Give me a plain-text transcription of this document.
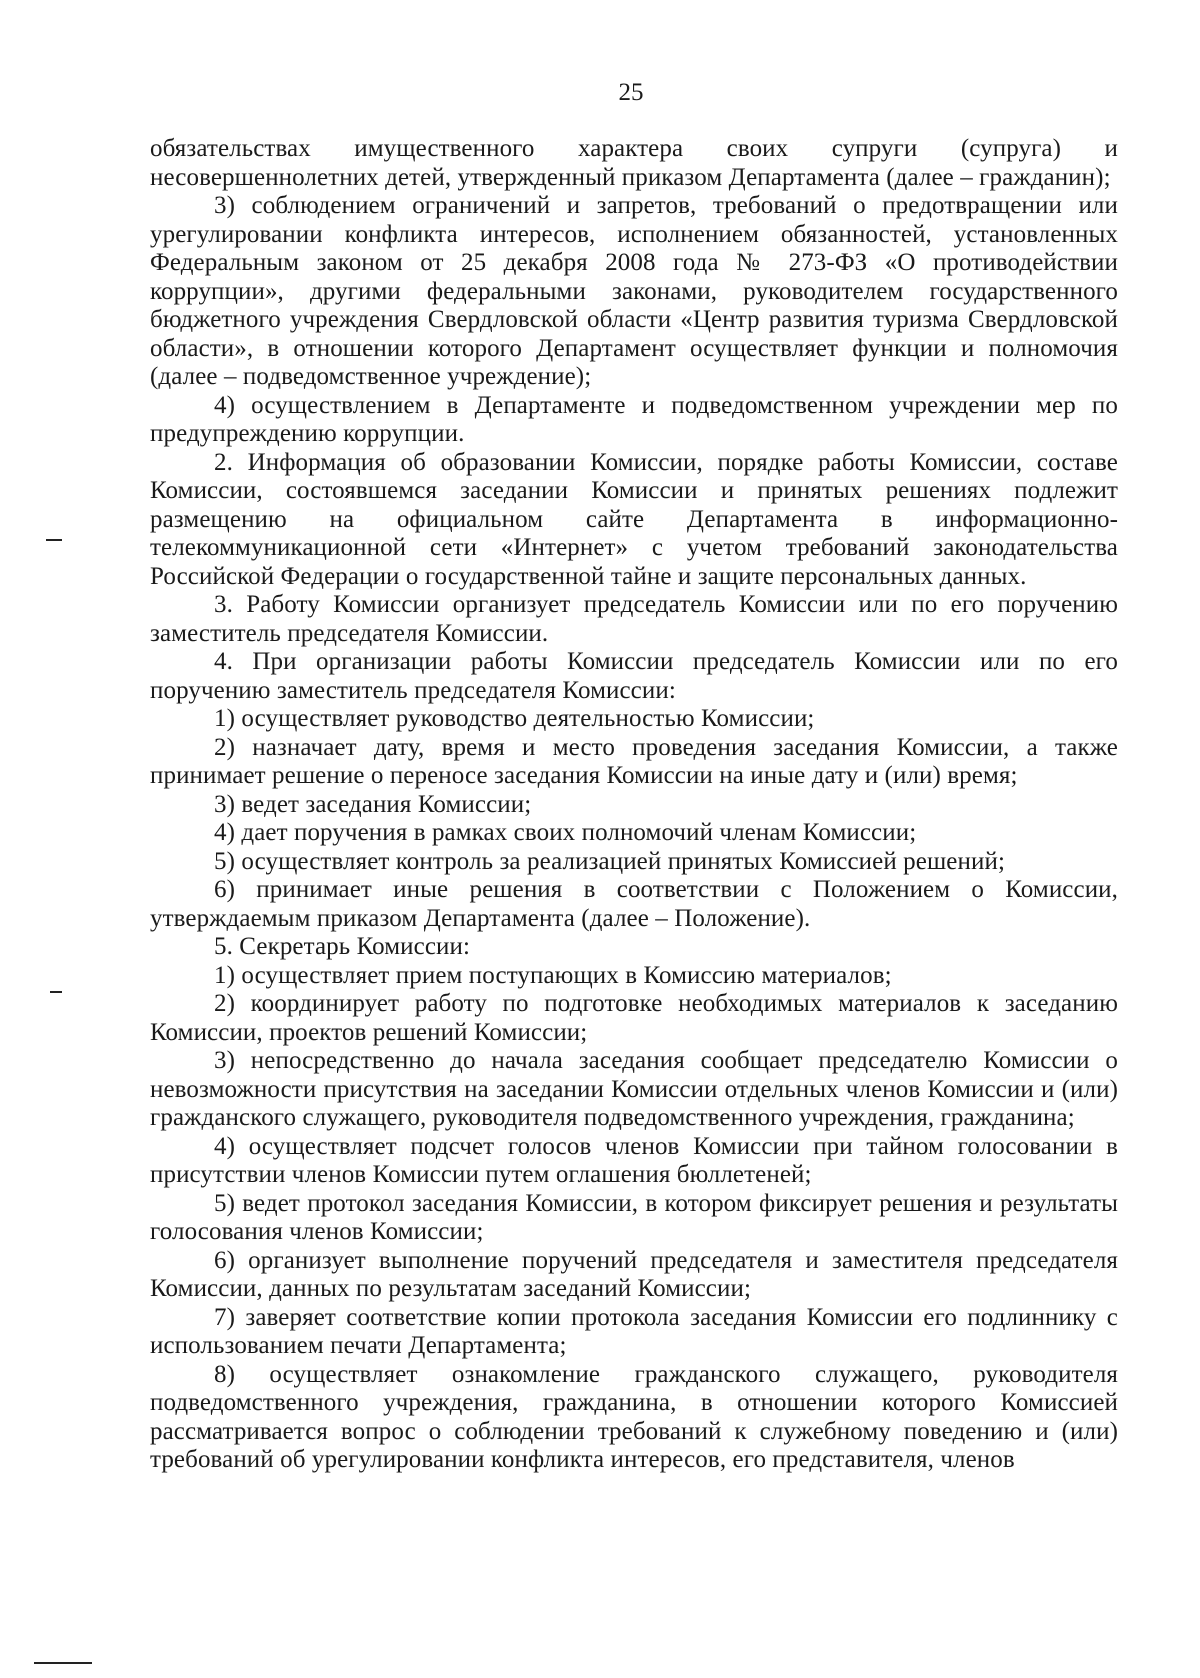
25

обязательствах имущественного характера своих супруги (супруга) и несовершеннолетних детей, утвержденный приказом Департамента (далее – гражданин);

3) соблюдением ограничений и запретов, требований о предотвращении или урегулировании конфликта интересов, исполнением обязанностей, установленных Федеральным законом от 25 декабря 2008 года № 273-ФЗ «О противодействии коррупции», другими федеральными законами, руководителем государственного бюджетного учреждения Свердловской области «Центр развития туризма Свердловской области», в отношении которого Департамент осуществляет функции и полномочия (далее – подведомственное учреждение);

4) осуществлением в Департаменте и подведомственном учреждении мер по предупреждению коррупции.

2. Информация об образовании Комиссии, порядке работы Комиссии, составе Комиссии, состоявшемся заседании Комиссии и принятых решениях подлежит размещению на официальном сайте Департамента в информационно-телекоммуникационной сети «Интернет» с учетом требований законодательства Российской Федерации о государственной тайне и защите персональных данных.

3. Работу Комиссии организует председатель Комиссии или по его поручению заместитель председателя Комиссии.

4. При организации работы Комиссии председатель Комиссии или по его поручению заместитель председателя Комиссии:

1) осуществляет руководство деятельностью Комиссии;

2) назначает дату, время и место проведения заседания Комиссии, а также принимает решение о переносе заседания Комиссии на иные дату и (или) время;

3) ведет заседания Комиссии;

4) дает поручения в рамках своих полномочий членам Комиссии;

5) осуществляет контроль за реализацией принятых Комиссией решений;

6) принимает иные решения в соответствии с Положением о Комиссии, утверждаемым приказом Департамента (далее – Положение).

5. Секретарь Комиссии:

1) осуществляет прием поступающих в Комиссию материалов;

2) координирует работу по подготовке необходимых материалов к заседанию Комиссии, проектов решений Комиссии;

3) непосредственно до начала заседания сообщает председателю Комиссии о невозможности присутствия на заседании Комиссии отдельных членов Комиссии и (или) гражданского служащего, руководителя подведомственного учреждения, гражданина;

4) осуществляет подсчет голосов членов Комиссии при тайном голосовании в присутствии членов Комиссии путем оглашения бюллетеней;

5) ведет протокол заседания Комиссии, в котором фиксирует решения и результаты голосования членов Комиссии;

6) организует выполнение поручений председателя и заместителя председателя Комиссии, данных по результатам заседаний Комиссии;

7) заверяет соответствие копии протокола заседания Комиссии его подлиннику с использованием печати Департамента;

8) осуществляет ознакомление гражданского служащего, руководителя подведомственного учреждения, гражданина, в отношении которого Комиссией рассматривается вопрос о соблюдении требований к служебному поведению и (или) требований об урегулировании конфликта интересов, его представителя, членов
